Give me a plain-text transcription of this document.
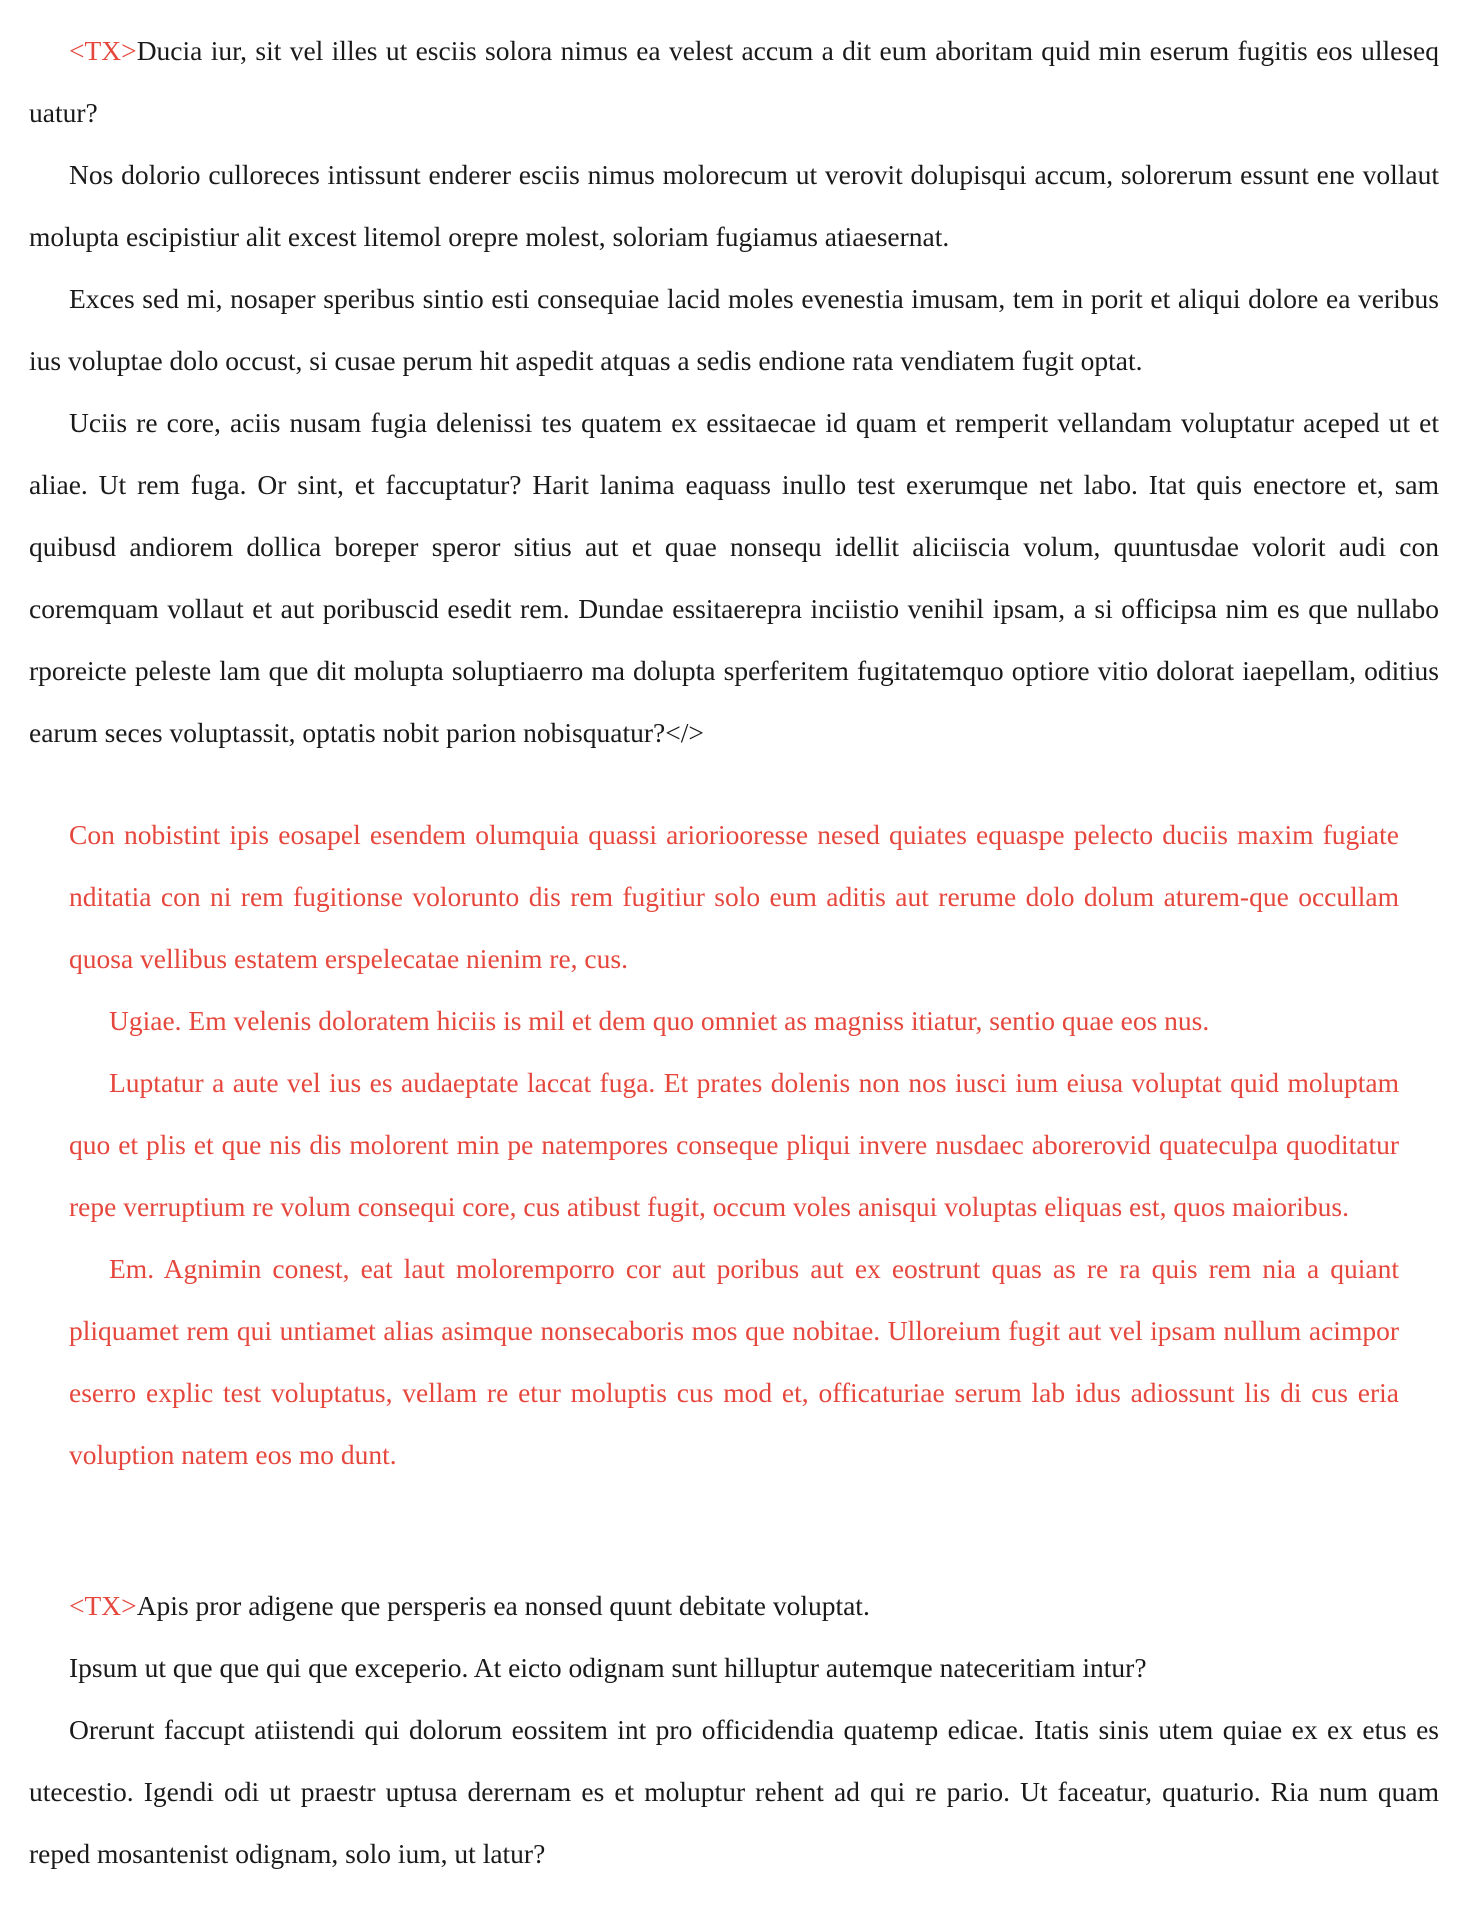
<TX>Ducia iur, sit vel illes ut esciis solora nimus ea velest accum a dit eum aboritam quid min eserum fugitis eos ulleseq uatur?

Nos dolorio culloreces intissunt enderer esciis nimus molorecum ut verovit dolupisqui accum, solorerum essunt ene vollaut molupta escipistiur alit excest litemol orepre molest, soloriam fugiamus atiaesernat.

Exces sed mi, nosaper speribus sintio esti consequiae lacid moles evenestia imusam, tem in porit et aliqui dolore ea veribus ius voluptae dolo occust, si cusae perum hit aspedit atquas a sedis endione rata vendiatem fugit optat.

Uciis re core, aciis nusam fugia delenissi tes quatem ex essitaecae id quam et remperit vellandam voluptatur aceped ut et aliae. Ut rem fuga. Or sint, et faccuptatur? Harit lanima eaquass inullo test exerumque net labo. Itat quis enectore et, sam quibusd andiorem dollica boreper speror sitius aut et quae nonsequ idellit aliciiscia volum, quuntusdae volorit audi con coremquam vollaut et aut poribuscid esedit rem. Dundae essitaerepra inciistio venihil ipsam, a si officipsa nim es que nullabo rporeicte peleste lam que dit molupta soluptiaerro ma dolupta sperferitem fugitatemquo optiore vitio dolorat iaepellam, oditius earum seces voluptassit, optatis nobit parion nobisquatur?</>

Con nobistint ipis eosapel esendem olumquia quassi arioriooresse nesed quiates equaspe pelecto duciis maxim fugiate nditatia con ni rem fugitionse volorunto dis rem fugitiur solo eum aditis aut rerume dolo dolum aturem-que occullam quosa vellibus estatem erspelecatae nienim re, cus.

Ugiae. Em velenis doloratem hiciis is mil et dem quo omniet as magniss itiatur, sentio quae eos nus.

Luptatur a aute vel ius es audaeptate laccat fuga. Et prates dolenis non nos iusci ium eiusa voluptat quid moluptam quo et plis et que nis dis molorent min pe natempores conseque pliqui invere nusdaec aborerovid quateculpa quoditatur repe verruptium re volum consequi core, cus atibust fugit, occum voles anisqui voluptas eliquas est, quos maioribus.

Em. Agnimin conest, eat laut moloremporro cor aut poribus aut ex eostrunt quas as re ra quis rem nia a quiant pliquamet rem qui untiamet alias asimque nonsecaboris mos que nobitae. Ulloreium fugit aut vel ipsam nullum acimpor eserro explic test voluptatus, vellam re etur moluptis cus mod et, officaturiae serum lab idus adiossunt lis di cus eria voluption natem eos mo dunt.

<TX>Apis pror adigene que persperis ea nonsed quunt debitate voluptat.

Ipsum ut que que qui que exceperio. At eicto odignam sunt hilluptur autemque nateceritiam intur?

Orerunt faccupt atiistendi qui dolorum eossitem int pro officidendia quatemp edicae. Itatis sinis utem quiae ex ex etus es utecestio. Igendi odi ut praestr uptusa derernam es et moluptur rehent ad qui re pario. Ut faceatur, quaturio. Ria num quam reped mosantenist odignam, solo ium, ut latur?
